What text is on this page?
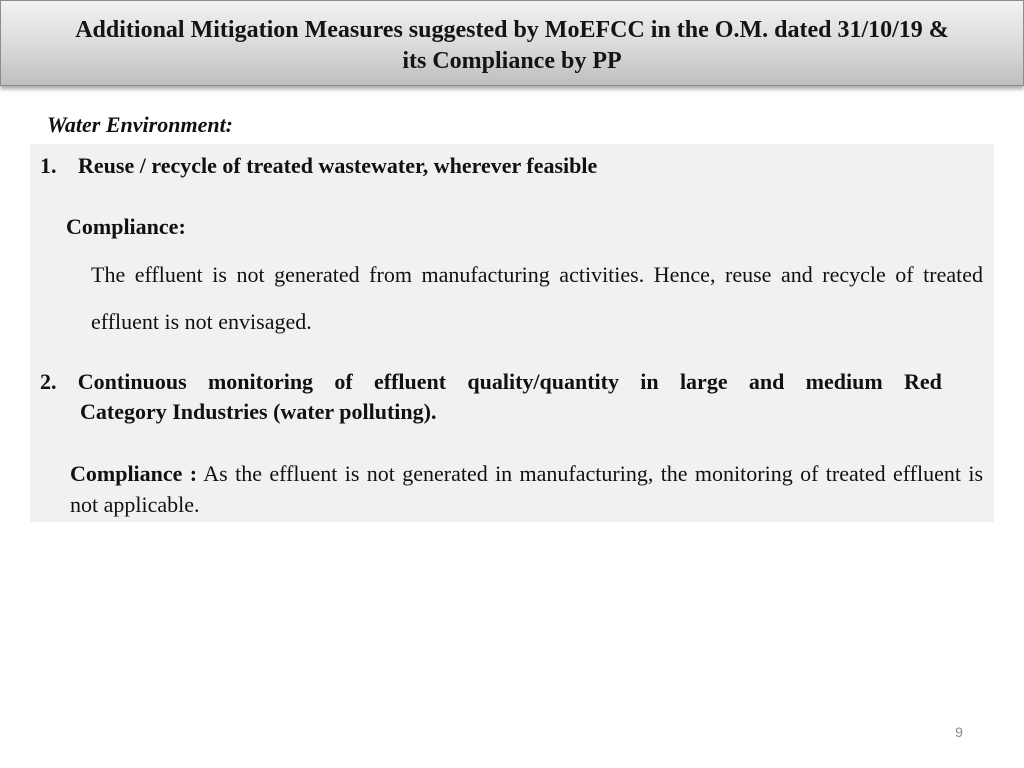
Additional Mitigation Measures suggested by MoEFCC in the O.M. dated 31/10/19 &
its Compliance by PP
Water Environment:
1. Reuse / recycle of treated wastewater, wherever feasible
Compliance:
The effluent is not generated from manufacturing activities. Hence, reuse and recycle of treated effluent is not envisaged.
2. Continuous monitoring of effluent quality/quantity in large and medium Red
Category Industries (water polluting).
Compliance : As the effluent is not generated in manufacturing, the monitoring of treated effluent is not applicable.
9
